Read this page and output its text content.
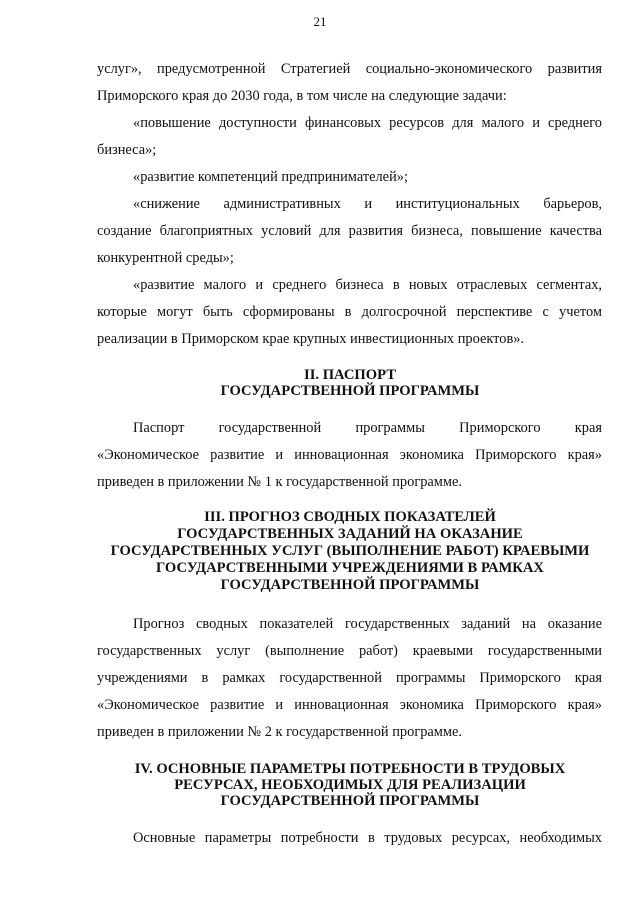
21
услуг», предусмотренной Стратегией социально-экономического развития
Приморского края до 2030 года, в том числе на следующие задачи:
«повышение доступности финансовых ресурсов для малого и среднего
бизнеса»;
«развитие компетенций предпринимателей»;
«снижение административных и институциональных барьеров,
создание благоприятных условий для развития бизнеса, повышение качества
конкурентной среды»;
«развитие малого и среднего бизнеса в новых отраслевых сегментах,
которые могут быть сформированы в долгосрочной перспективе с учетом
реализации в Приморском крае крупных инвестиционных проектов».
II. ПАСПОРТ
ГОСУДАРСТВЕННОЙ ПРОГРАММЫ
Паспорт государственной программы Приморского края
«Экономическое развитие и инновационная экономика Приморского края»
приведен в приложении № 1 к государственной программе.
III. ПРОГНОЗ СВОДНЫХ ПОКАЗАТЕЛЕЙ
ГОСУДАРСТВЕННЫХ ЗАДАНИЙ НА ОКАЗАНИЕ
ГОСУДАРСТВЕННЫХ УСЛУГ (ВЫПОЛНЕНИЕ РАБОТ) КРАЕВЫМИ
ГОСУДАРСТВЕННЫМИ УЧРЕЖДЕНИЯМИ В РАМКАХ
ГОСУДАРСТВЕННОЙ ПРОГРАММЫ
Прогноз сводных показателей государственных заданий на оказание
государственных услуг (выполнение работ) краевыми государственными
учреждениями в рамках государственной программы Приморского края
«Экономическое развитие и инновационная экономика Приморского края»
приведен в приложении № 2 к государственной программе.
IV. ОСНОВНЫЕ ПАРАМЕТРЫ ПОТРЕБНОСТИ В ТРУДОВЫХ
РЕСУРСАХ, НЕОБХОДИМЫХ ДЛЯ РЕАЛИЗАЦИИ
ГОСУДАРСТВЕННОЙ ПРОГРАММЫ
Основные параметры потребности в трудовых ресурсах, необходимых
